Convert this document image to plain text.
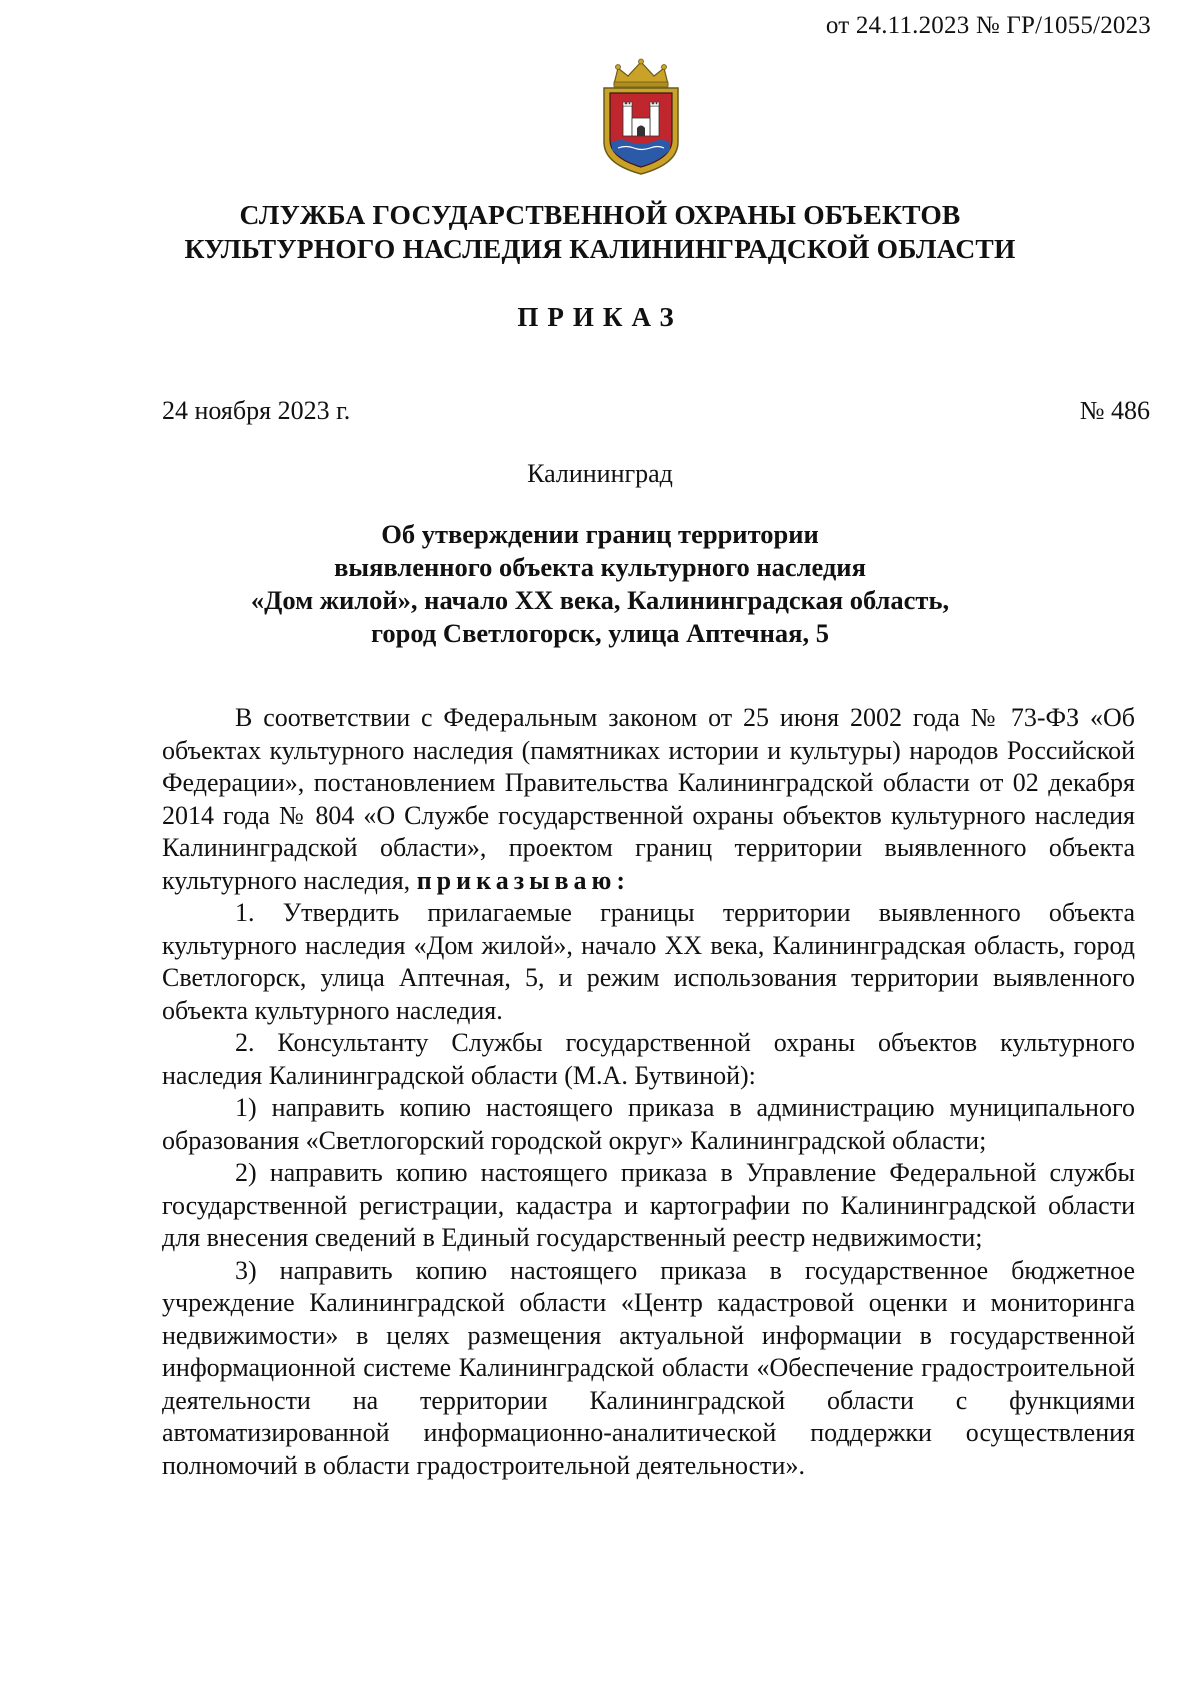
от 24.11.2023 № ГР/1055/2023
СЛУЖБА ГОСУДАРСТВЕННОЙ ОХРАНЫ ОБЪЕКТОВ
КУЛЬТУРНОГО НАСЛЕДИЯ КАЛИНИНГРАДСКОЙ ОБЛАСТИ
ПРИКАЗ
24 ноября 2023 г.	№ 486
Калининград
Об утверждении границ территории
выявленного объекта культурного наследия
«Дом жилой», начало XX века, Калининградская область,
город Светлогорск, улица Аптечная, 5

В соответствии с Федеральным законом от 25 июня 2002 года № 73-ФЗ «Об объектах культурного наследия (памятниках истории и культуры) народов Российской Федерации», постановлением Правительства Калининградской области от 02 декабря 2014 года № 804 «О Службе государственной охраны объектов культурного наследия Калининградской области», проектом границ территории выявленного объекта культурного наследия, приказываю:

1. Утвердить прилагаемые границы территории выявленного объекта культурного наследия «Дом жилой», начало XX века, Калининградская область, город Светлогорск, улица Аптечная, 5, и режим использования территории выявленного объекта культурного наследия.

2. Консультанту Службы государственной охраны объектов культурного наследия Калининградской области (М.А. Бутвиной):

1) направить копию настоящего приказа в администрацию муниципального образования «Светлогорский городской округ» Калининградской области;

2) направить копию настоящего приказа в Управление Федеральной службы государственной регистрации, кадастра и картографии по Калининградской области для внесения сведений в Единый государственный реестр недвижимости;

3) направить копию настоящего приказа в государственное бюджетное учреждение Калининградской области «Центр кадастровой оценки и мониторинга недвижимости» в целях размещения актуальной информации в государственной информационной системе Калининградской области «Обеспечение градостроительной деятельности на территории Калининградской области с функциями автоматизированной информационно-аналитической поддержки осуществления полномочий в области градостроительной деятельности».
